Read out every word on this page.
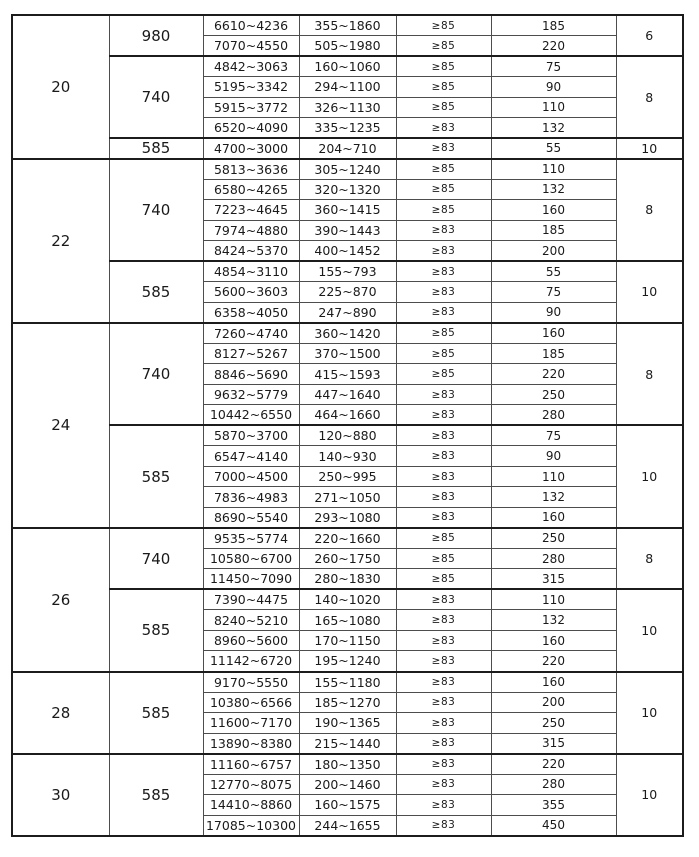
20	980	6610~4236	355~1860	≥85	185	6
		7070~4550	505~1980	≥85	220	
	740	4842~3063	160~1060	≥85	75	8
		5195~3342	294~1100	≥85	90	
		5915~3772	326~1130	≥85	110	
		6520~4090	335~1235	≥83	132	
	585	4700~3000	204~710	≥83	55	10
22	740	5813~3636	305~1240	≥85	110	8
		6580~4265	320~1320	≥85	132	
		7223~4645	360~1415	≥85	160	
		7974~4880	390~1443	≥83	185	
		8424~5370	400~1452	≥83	200	
	585	4854~3110	155~793	≥83	55	10
		5600~3603	225~870	≥83	75	
		6358~4050	247~890	≥83	90	
24	740	7260~4740	360~1420	≥85	160	8
		8127~5267	370~1500	≥85	185	
		8846~5690	415~1593	≥85	220	
		9632~5779	447~1640	≥83	250	
		10442~6550	464~1660	≥83	280	
	585	5870~3700	120~880	≥83	75	10
		6547~4140	140~930	≥83	90	
		7000~4500	250~995	≥83	110	
		7836~4983	271~1050	≥83	132	
		8690~5540	293~1080	≥83	160	
26	740	9535~5774	220~1660	≥85	250	8
		10580~6700	260~1750	≥85	280	
		11450~7090	280~1830	≥85	315	
	585	7390~4475	140~1020	≥83	110	10
		8240~5210	165~1080	≥83	132	
		8960~5600	170~1150	≥83	160	
		11142~6720	195~1240	≥83	220	
28	585	9170~5550	155~1180	≥83	160	10
		10380~6566	185~1270	≥83	200	
		11600~7170	190~1365	≥83	250	
		13890~8380	215~1440	≥83	315	
30	585	11160~6757	180~1350	≥83	220	10
		12770~8075	200~1460	≥83	280	
		14410~8860	160~1575	≥83	355	
		17085~10300	244~1655	≥83	450	
